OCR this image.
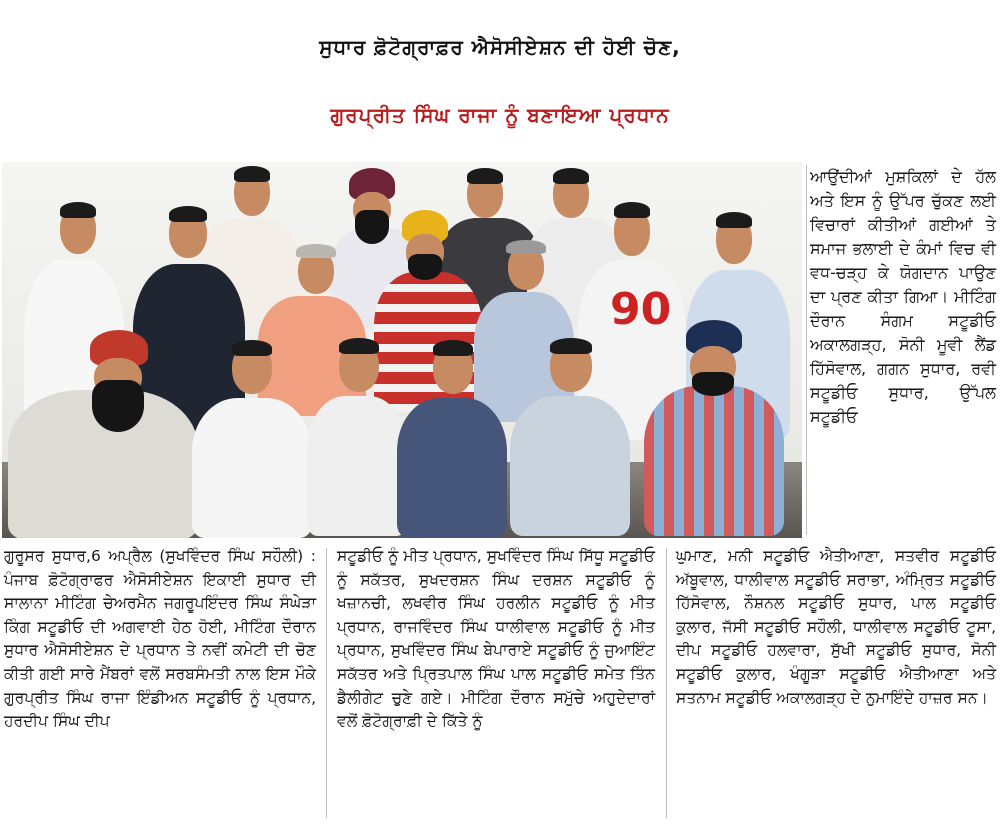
ਸੁਧਾਰ ਫ਼ੋਟੋਗ੍ਰਾਫ਼ਰ ਐਸੋਸੀਏਸ਼ਨ ਦੀ ਹੋਈ ਚੋਣ,
ਗੁਰਪ੍ਰੀਤ ਸਿੰਘ ਰਾਜਾ ਨੂੰ ਬਣਾਇਆ ਪ੍ਰਧਾਨ
90
ਆਉਂਦੀਆਂ ਮੁਸ਼ਕਿਲਾਂ ਦੇ ਹੱਲ ਅਤੇ ਇਸ ਨੂੰ ਉੱਪਰ ਚੁੱਕਣ ਲਈ ਵਿਚਾਰਾਂ ਕੀਤੀਆਂ ਗਈਆਂ ਤੇ ਸਮਾਜ ਭਲਾਈ ਦੇ ਕੰਮਾਂ ਵਿਚ ਵੀ ਵਧ-ਚੜ੍ਹ ਕੇ ਯੋਗਦਾਨ ਪਾਉਣ ਦਾ ਪ੍ਰਣ ਕੀਤਾ ਗਿਆ। ਮੀਟਿੰਗ ਦੌਰਾਨ ਸੰਗਮ ਸਟੂਡੀਓ ਅਕਾਲਗੜ੍ਹ, ਸੋਨੀ ਮੂਵੀ ਲੈਂਡ ਹਿੱਸੋਵਾਲ, ਗਗਨ ਸੁਧਾਰ, ਰਵੀ ਸਟੂਡੀਓ ਸੁਧਾਰ, ਉੱਪਲ ਸਟੂਡੀਓ
ਗੁਰੂਸਰ ਸੁਧਾਰ,6 ਅਪ੍ਰੈਲ (ਸੁਖਵਿੰਦਰ ਸਿੰਘ ਸਹੌਲੀ) : ਪੰਜਾਬ ਫ਼ੋਟੋਗ੍ਰਾਫਰ ਐਸੋਸੀਏਸ਼ਨ ਇਕਾਈ ਸੁਧਾਰ ਦੀ ਸਾਲਾਨਾ ਮੀਟਿੰਗ ਚੇਅਰਮੈਨ ਜਗਰੂਪਇੰਦਰ ਸਿੰਘ ਸੰਘੇੜਾ ਕਿੰਗ ਸਟੂਡੀਓ ਦੀ ਅਗਵਾਈ ਹੇਠ ਹੋਈ, ਮੀਟਿੰਗ ਦੌਰਾਨ ਸੁਧਾਰ ਐਸੋਸੀਏਸ਼ਨ ਦੇ ਪ੍ਰਧਾਨ ਤੇ ਨਵੀਂ ਕਮੇਟੀ ਦੀ ਚੋਣ ਕੀਤੀ ਗਈ ਸਾਰੇ ਮੈਂਬਰਾਂ ਵਲੋਂ ਸਰਬਸੰਮਤੀ ਨਾਲ ਇਸ ਮੌਕੇ ਗੁਰਪ੍ਰੀਤ ਸਿੰਘ ਰਾਜਾ ਇੰਡੀਅਨ ਸਟੂਡੀਓ ਨੂੰ ਪ੍ਰਧਾਨ, ਹਰਦੀਪ ਸਿੰਘ ਦੀਪ
ਸਟੂਡੀਓ ਨੂੰ ਮੀਤ ਪ੍ਰਧਾਨ, ਸੁਖਵਿੰਦਰ ਸਿੰਘ ਸਿੱਧੂ ਸਟੂਡੀਓ ਨੂੰ ਸਕੱਤਰ, ਸੁਖਦਰਸ਼ਨ ਸਿੰਘ ਦਰਸ਼ਨ ਸਟੂਡੀਓ ਨੂੰ ਖਜ਼ਾਨਚੀ, ਲਖਵੀਰ ਸਿੰਘ ਹਰਲੀਨ ਸਟੂਡੀਓ ਨੂੰ ਮੀਤ ਪ੍ਰਧਾਨ, ਰਾਜਵਿੰਦਰ ਸਿੰਘ ਧਾਲੀਵਾਲ ਸਟੂਡੀਓ ਨੂੰ ਮੀਤ ਪ੍ਰਧਾਨ, ਸੁਖਵਿੰਦਰ ਸਿੰਘ ਬੇਪਾਰਾਏ ਸਟੂਡੀਓ ਨੂੰ ਜੁਆਇੰਟ ਸਕੱਤਰ ਅਤੇ ਪ੍ਰਿਤਪਾਲ ਸਿੰਘ ਪਾਲ ਸਟੂਡੀਓ ਸਮੇਤ ਤਿੰਨ ਡੈਲੀਗੇਟ ਚੁਣੇ ਗਏ। ਮੀਟਿੰਗ ਦੌਰਾਨ ਸਮੁੱਚੇ ਅਹੁਦੇਦਾਰਾਂ ਵਲੋਂ ਫ਼ੋਟੋਗ੍ਰਾਫ਼ੀ ਦੇ ਕਿੱਤੇ ਨੂੰ
ਘੁਮਾਣ, ਮਨੀ ਸਟੂਡੀਓ ਐਤੀਆਣਾ, ਸਤਵੀਰ ਸਟੂਡੀਓ ਅੱਬੂਵਾਲ, ਧਾਲੀਵਾਲ ਸਟੂਡੀਓ ਸਰਾਭਾ, ਅੰਮ੍ਰਿਤ ਸਟੂਡੀਓ ਹਿੱਸੋਵਾਲ, ਨੌਸ਼ਨਲ ਸਟੂਡੀਓ ਸੁਧਾਰ, ਪਾਲ ਸਟੂਡੀਓ ਕੁਲਾਰ, ਜੱਸੀ ਸਟੂਡੀਓ ਸਹੌਲੀ, ਧਾਲੀਵਾਲ ਸਟੂਡੀਓ ਟੂਸਾ, ਦੀਪ ਸਟੂਡੀਓ ਹਲਵਾਰਾ, ਸੁੱਖੀ ਸਟੂਡੀਓ ਸੁਧਾਰ, ਸੋਨੀ ਸਟੂਡੀਓ ਕੁਲਾਰ, ਖੰਗੂੜਾ ਸਟੂਡੀਓ ਐਤੀਆਣਾ ਅਤੇ ਸਤਨਾਮ ਸਟੂਡੀਓ ਅਕਾਲਗੜ੍ਹ ਦੇ ਨੁਮਾਇੰਦੇ ਹਾਜ਼ਰ ਸਨ।
